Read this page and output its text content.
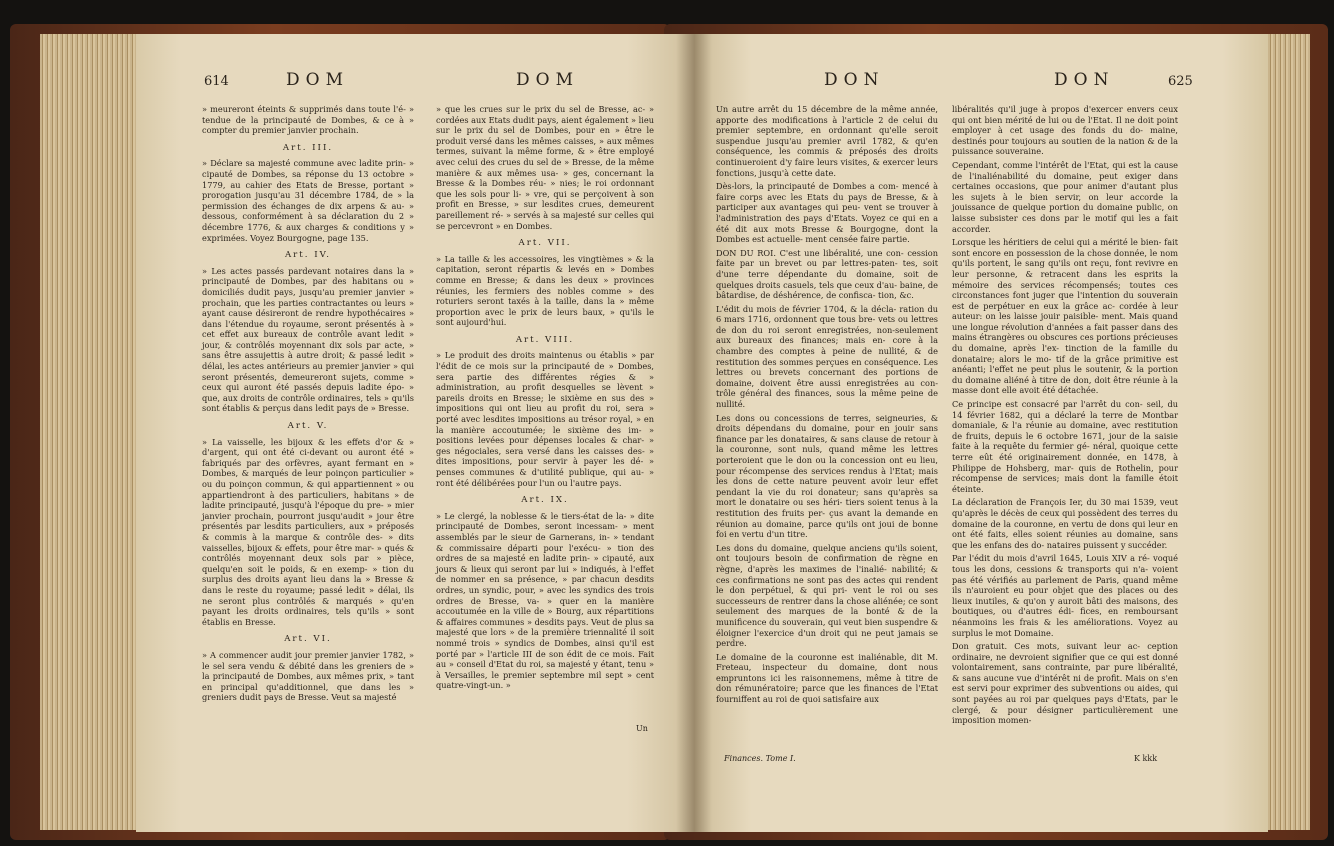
614	DOM	DOM

» meureront éteints & supprimés dans toute l'é- » tendue de la principauté de Dombes, & ce à » compter du premier janvier prochain.

Art. III.

» Déclare sa majesté commune avec ladite prin- » cipauté de Dombes, sa réponse du 13 octobre » 1779, au cahier des Etats de Bresse, portant » prorogation jusqu'au 31 décembre 1784, de » la permission des échanges de dix arpens & au- » dessous, conformément à sa déclaration du 2 » décembre 1776, & aux charges & conditions y » exprimées. Voyez Bourgogne, page 135.

Art. IV.

» Les actes passés pardevant notaires dans la » principauté de Dombes, par des habitans ou » domiciliés dudit pays, jusqu'au premier janvier » prochain, que les parties contractantes ou leurs » ayant cause désireront de rendre hypothécaires » dans l'étendue du royaume, seront présentés à » cet effet aux bureaux de contrôle avant ledit » jour, & contrôlés moyennant dix sols par acte, » sans être assujettis à autre droit; & passé ledit » délai, les actes antérieurs au premier janvier » qui seront présentés, demeureront sujets, comme » ceux qui auront été passés depuis ladite épo- » que, aux droits de contrôle ordinaires, tels » qu'ils sont établis & perçus dans ledit pays de » Bresse.

Art. V.

» La vaisselle, les bijoux & les effets d'or & » d'argent, qui ont été ci-devant ou auront été » fabriqués par des orfèvres, ayant fermant en » Dombes, & marqués de leur poinçon particulier » ou du poinçon commun, & qui appartiennent » ou appartiendront à des particuliers, habitans » de ladite principauté, jusqu'à l'époque du pre- » mier janvier prochain, pourront jusqu'audit » jour être présentés par lesdits particuliers, aux » préposés & commis à la marque & contrôle des- » dits vaisselles, bijoux & effets, pour être mar- » qués & contrôlés moyennant deux sols par » pièce, quelqu'en soit le poids, & en exemp- » tion du surplus des droits ayant lieu dans la » Bresse & dans le reste du royaume; passé ledit » délai, ils ne seront plus contrôlés & marqués » qu'en payant les droits ordinaires, tels qu'ils » sont établis en Bresse.

Art. VI.

» A commencer audit jour premier janvier 1782, » le sel sera vendu & débité dans les greniers de » la principauté de Dombes, aux mêmes prix, » tant en principal qu'additionnel, que dans les » greniers dudit pays de Bresse. Veut sa majesté

» que les crues sur le prix du sel de Bresse, ac- » cordées aux Etats dudit pays, aient également » lieu sur le prix du sel de Dombes, pour en » être le produit versé dans les mêmes caisses, » aux mêmes termes, suivant la même forme, & » être employé avec celui des crues du sel de » Bresse, de la même manière & aux mêmes usa- » ges, concernant la Bresse & la Dombes réu- » nies; le roi ordonnant que les sols pour li- » vre, qui se perçoivent à son profit en Bresse, » sur lesdites crues, demeurent pareillement ré- » servés à sa majesté sur celles qui se percevront » en Dombes.

Art. VII.

» La taille & les accessoires, les vingtièmes » & la capitation, seront répartis & levés en » Dombes comme en Bresse; & dans les deux » provinces réunies, les fermiers des nobles comme » des roturiers seront taxés à la taille, dans la » même proportion avec le prix de leurs baux, » qu'ils le sont aujourd'hui.

Art. VIII.

» Le produit des droits maintenus ou établis » par l'édit de ce mois sur la principauté de » Dombes, sera partie des différentes régies & » administration, au profit desquelles se lèvent » pareils droits en Bresse; le sixième en sus des » impositions qui ont lieu au profit du roi, sera » porté avec lesdites impositions au trésor royal, » en la manière accoutumée; le sixième des im- » positions levées pour dépenses locales & char- » ges négociales, sera versé dans les caisses des- » dites impositions, pour servir à payer les dé- » penses communes & d'utilité publique, qui au- » ront été délibérées pour l'un ou l'autre pays.

Art. IX.

» Le clergé, la noblesse & le tiers-état de la- » dite principauté de Dombes, seront incessam- » ment assemblés par le sieur de Garnerans, in- » tendant & commissaire départi pour l'exécu- » tion des ordres de sa majesté en ladite prin- » cipauté, aux jours & lieux qui seront par lui » indiqués, à l'effet de nommer en sa présence, » par chacun desdits ordres, un syndic, pour, » avec les syndics des trois ordres de Bresse, va- » quer en la manière accoutumée en la ville de » Bourg, aux répartitions & affaires communes » desdits pays. Veut de plus sa majesté que lors » de la première triennalité il soit nommé trois » syndics de Dombes, ainsi qu'il est porté par » l'article III de son édit de ce mois. Fait au » conseil d'Etat du roi, sa majesté y étant, tenu » à Versailles, le premier septembre mil sept » cent quatre-vingt-un. »

Un
DON	DON	625

Un autre arrêt du 15 décembre de la même année, apporte des modifications à l'article 2 de celui du premier septembre, en ordonnant qu'elle seroit suspendue jusqu'au premier avril 1782, & qu'en conséquence, les commis & préposés des droits continueroient d'y faire leurs visites, & exercer leurs fonctions, jusqu'à cette date.

Dès-lors, la principauté de Dombes a com- mencé à faire corps avec les Etats du pays de Bresse, & à participer aux avantages qui peu- vent se trouver à l'administration des pays d'Etats. Voyez ce qui en a été dit aux mots Bresse & Bourgogne, dont la Dombes est actuelle- ment censée faire partie.

DON DU ROI. C'est une libéralité, une con- cession faite par un brevet ou par lettres-paten- tes, soit d'une terre dépendante du domaine, soit de quelques droits casuels, tels que ceux d'au- baine, de bâtardise, de déshérence, de confisca- tion, &c.

L'édit du mois de février 1704, & la décla- ration du 6 mars 1716, ordonnent que tous bre- vets ou lettres de don du roi seront enregistrées, non-seulement aux bureaux des finances; mais en- core à la chambre des comptes à peine de nullité, & de restitution des sommes perçues en conséquence. Les lettres ou brevets concernant des portions de domaine, doivent être aussi enregistrées au con- trôle général des finances, sous la même peine de nullité.

Les dons ou concessions de terres, seigneuries, & droits dépendans du domaine, pour en jouir sans finance par les donataires, & sans clause de retour à la couronne, sont nuls, quand même les lettres porteroient que le don ou la concession ont eu lieu, pour récompense des services rendus à l'Etat; mais les dons de cette nature peuvent avoir leur effet pendant la vie du roi donateur; sans qu'après sa mort le donataire ou ses héri- tiers soient tenus à la restitution des fruits per- çus avant la demande en réunion au domaine, parce qu'ils ont joui de bonne foi en vertu d'un titre.

Les dons du domaine, quelque anciens qu'ils soient, ont toujours besoin de confirmation de règne en règne, d'après les maximes de l'inalié- nabilité; & ces confirmations ne sont pas des actes qui rendent le don perpétuel, & qui pri- vent le roi ou ses successeurs de rentrer dans la chose aliénée; ce sont seulement des marques de la bonté & de la munificence du souverain, qui veut bien suspendre & éloigner l'exercice d'un droit qui ne peut jamais se perdre.

Le domaine de la couronne est inaliénable, dit M. Freteau, inspecteur du domaine, dont nous empruntons ici les raisonnemens, même à titre de don rémunératoire; parce que les finances de l'Etat fourniffent au roi de quoi satisfaire aux

libéralités qu'il juge à propos d'exercer envers ceux qui ont bien mérité de lui ou de l'Etat. Il ne doit point employer à cet usage des fonds du do- maine, destinés pour toujours au soutien de la nation & de la puissance souveraine.

Cependant, comme l'intérêt de l'Etat, qui est la cause de l'inaliénabilité du domaine, peut exiger dans certaines occasions, que pour animer d'autant plus les sujets à le bien servir, on leur accorde la jouissance de quelque portion du domaine public, on laisse subsister ces dons par le motif qui les a fait accorder.

Lorsque les héritiers de celui qui a mérité le bien- fait sont encore en possession de la chose donnée, le nom qu'ils portent, le sang qu'ils ont reçu, font revivre en leur personne, & retracent dans les esprits la mémoire des services récompensés; toutes ces circonstances font juger que l'intention du souverain est de perpétuer en eux la grâce ac- cordée à leur auteur: on les laisse jouir paisible- ment. Mais quand une longue révolution d'années a fait passer dans des mains étrangères ou obscures ces portions précieuses du domaine, après l'ex- tinction de la famille du donataire; alors le mo- tif de la grâce primitive est anéanti; l'effet ne peut plus le soutenir, & la portion du domaine aliéné à titre de don, doit être réunie à la masse dont elle avoit été détachée.

Ce principe est consacré par l'arrêt du con- seil, du 14 février 1682, qui a déclaré la terre de Montbar domaniale, & l'a réunie au domaine, avec restitution de fruits, depuis le 6 octobre 1671, jour de la saisie faite à la requête du fermier gé- néral, quoique cette terre eût été originairement donnée, en 1478, à Philippe de Hohsberg, mar- quis de Rothelin, pour récompense de services; mais dont la famille étoit éteinte.

La déclaration de François Ier, du 30 mai 1539, veut qu'après le décès de ceux qui possèdent des terres du domaine de la couronne, en vertu de dons qui leur en ont été faits, elles soient réunies au domaine, sans que les enfans des do- nataires puissent y succéder.

Par l'édit du mois d'avril 1645, Louis XIV a ré- voqué tous les dons, cessions & transports qui n'a- voient pas été vérifiés au parlement de Paris, quand même ils n'auroient eu pour objet que des places ou des lieux inutiles, & qu'on y auroit bâti des maisons, des boutiques, ou d'autres édi- fices, en remboursant néanmoins les frais & les améliorations. Voyez au surplus le mot Domaine.

Don gratuit. Ces mots, suivant leur ac- ception ordinaire, ne devroient signifier que ce qui est donné volontairement, sans contrainte, par pure libéralité, & sans aucune vue d'intérêt ni de profit. Mais on s'en est servi pour exprimer des subventions ou aides, qui sont payées au roi par quelques pays d'Etats, par le clergé, & pour désigner particulièrement une imposition momen-

Finances. Tome I.	K kkk
